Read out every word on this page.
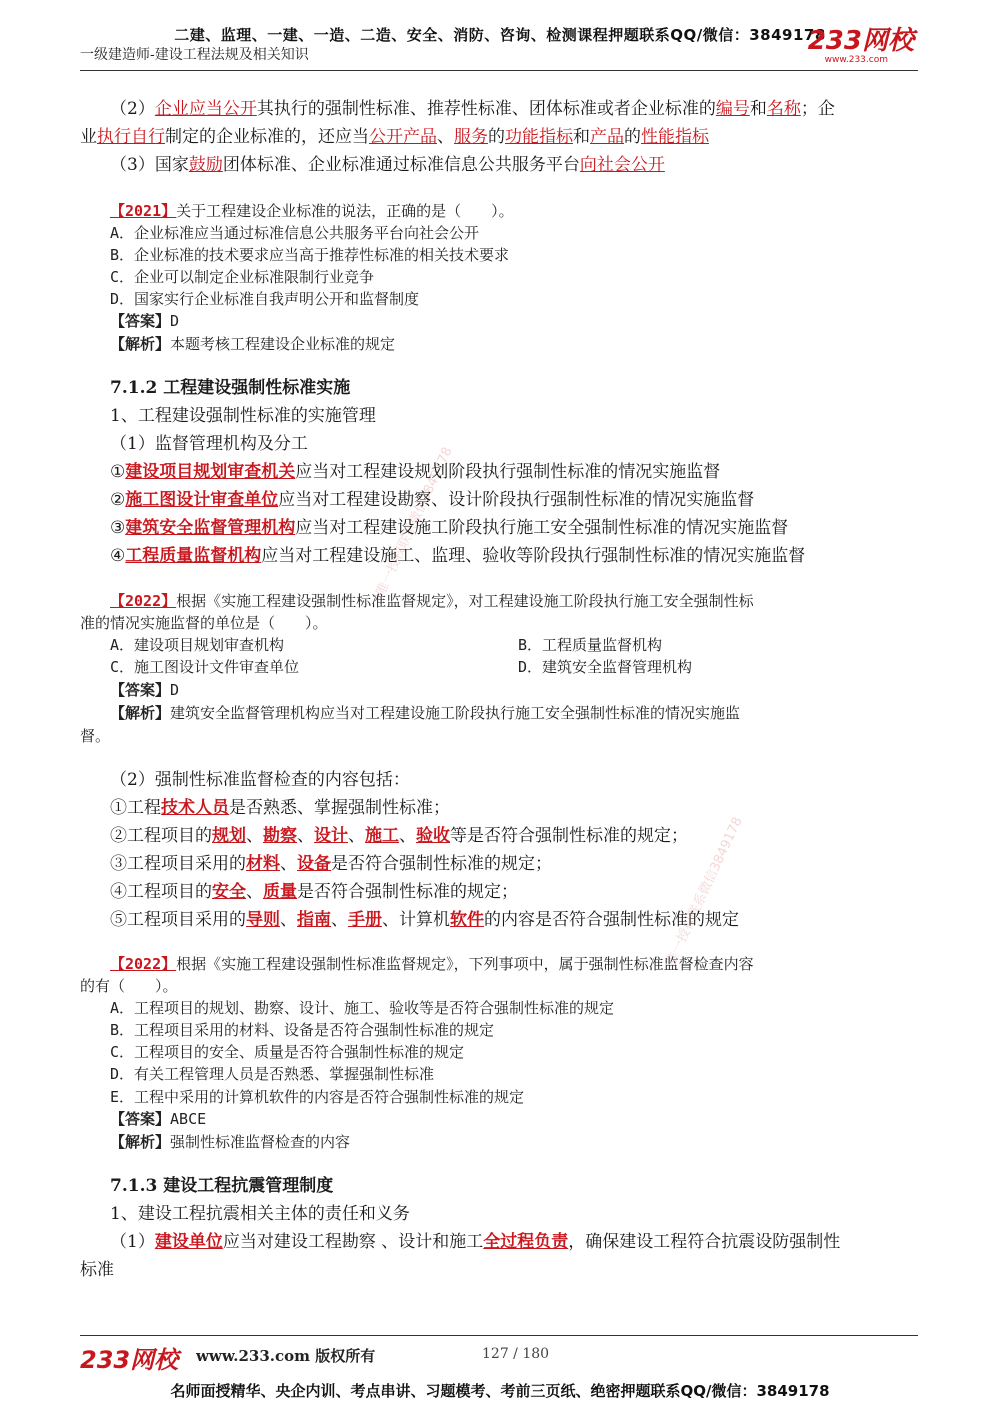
二建、监理、一建、一造、二造、安全、消防、咨询、检测课程押题联系QQ/微信：3849178
一级建造师-建设工程法规及相关知识	233网校
www.233.com
唯一授权联系微信3849178
唯一授权联系微信3849178
（2）企业应当公开其执行的强制性标准、推荐性标准、团体标准或者企业标准的编号和名称；企
业执行自行制定的企业标准的，还应当公开产品、服务的功能指标和产品的性能指标
（3）国家鼓励团体标准、企业标准通过标准信息公共服务平台向社会公开
【2021】关于工程建设企业标准的说法，正确的是（　　）。
A．企业标准应当通过标准信息公共服务平台向社会公开
B．企业标准的技术要求应当高于推荐性标准的相关技术要求
C．企业可以制定企业标准限制行业竞争
D．国家实行企业标准自我声明公开和监督制度
【答案】D
【解析】本题考核工程建设企业标准的规定
7.1.2 工程建设强制性标准实施
1、工程建设强制性标准的实施管理
（1）监督管理机构及分工
①建设项目规划审查机关应当对工程建设规划阶段执行强制性标准的情况实施监督
②施工图设计审查单位应当对工程建设勘察、设计阶段执行强制性标准的情况实施监督
③建筑安全监督管理机构应当对工程建设施工阶段执行施工安全强制性标准的情况实施监督
④工程质量监督机构应当对工程建设施工、监理、验收等阶段执行强制性标准的情况实施监督
【2022】根据《实施工程建设强制性标准监督规定》，对工程建设施工阶段执行施工安全强制性标
准的情况实施监督的单位是（　　）。
A．建设项目规划审查机构	B．工程质量监督机构
C．施工图设计文件审查单位	D．建筑安全监督管理机构
【答案】D
【解析】建筑安全监督管理机构应当对工程建设施工阶段执行施工安全强制性标准的情况实施监
督。
（2）强制性标准监督检查的内容包括：
①工程技术人员是否熟悉、掌握强制性标准；
②工程项目的规划、勘察、设计、施工、验收等是否符合强制性标准的规定；
③工程项目采用的材料、设备是否符合强制性标准的规定；
④工程项目的安全、质量是否符合强制性标准的规定；
⑤工程项目采用的导则、指南、手册、计算机软件的内容是否符合强制性标准的规定
【2022】根据《实施工程建设强制性标准监督规定》，下列事项中，属于强制性标准监督检查内容
的有（　　）。
A．工程项目的规划、勘察、设计、施工、验收等是否符合强制性标准的规定
B．工程项目采用的材料、设备是否符合强制性标准的规定
C．工程项目的安全、质量是否符合强制性标准的规定
D．有关工程管理人员是否熟悉、掌握强制性标准
E．工程中采用的计算机软件的内容是否符合强制性标准的规定
【答案】ABCE
【解析】强制性标准监督检查的内容
7.1.3 建设工程抗震管理制度
1、建设工程抗震相关主体的责任和义务
（1）建设单位应当对建设工程勘察 、设计和施工全过程负责，确保建设工程符合抗震设防强制性
标准
233网校 www.233.com 版权所有	127 / 180
名师面授精华、央企内训、考点串讲、习题模考、考前三页纸、绝密押题联系QQ/微信：3849178
